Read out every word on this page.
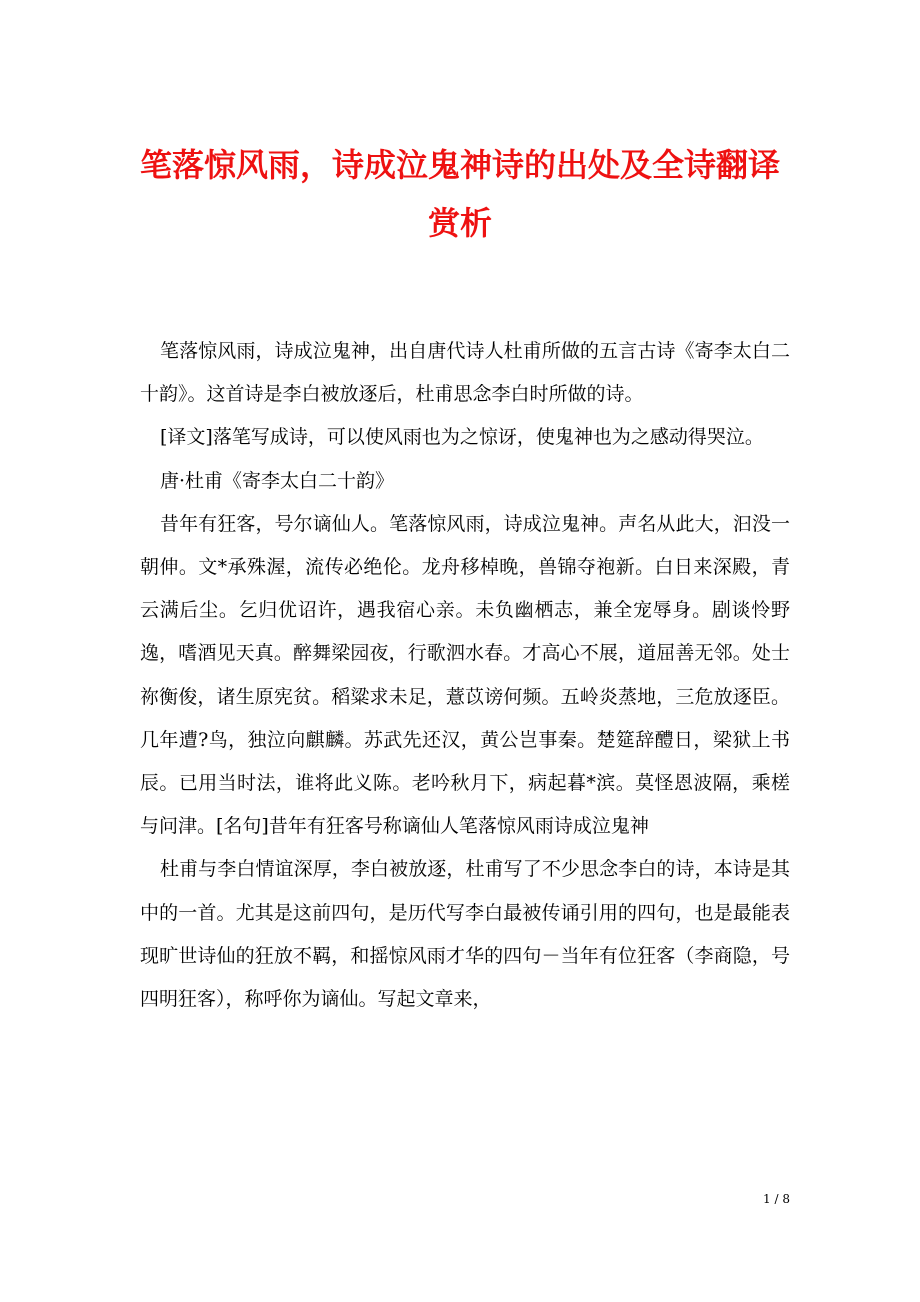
笔落惊风雨，诗成泣鬼神诗的出处及全诗翻译赏析

笔落惊风雨，诗成泣鬼神，出自唐代诗人杜甫所做的五言古诗《寄李太白二十韵》。这首诗是李白被放逐后，杜甫思念李白时所做的诗。

[译文]落笔写成诗，可以使风雨也为之惊讶，使鬼神也为之感动得哭泣。

唐·杜甫《寄李太白二十韵》

昔年有狂客，号尔谪仙人。笔落惊风雨，诗成泣鬼神。声名从此大，汩没一朝伸。文*承殊渥，流传必绝伦。龙舟移棹晚，兽锦夺袍新。白日来深殿，青云满后尘。乞归优诏许，遇我宿心亲。未负幽栖志，兼全宠辱身。剧谈怜野逸，嗜酒见天真。醉舞梁园夜，行歌泗水春。才高心不展，道屈善无邻。处士祢衡俊，诸生原宪贫。稻粱求未足，薏苡谤何频。五岭炎蒸地，三危放逐臣。几年遭?鸟，独泣向麒麟。苏武先还汉，黄公岂事秦。楚筵辞醴日，梁狱上书辰。已用当时法，谁将此义陈。老吟秋月下，病起暮*滨。莫怪恩波隔，乘槎与问津。[名句]昔年有狂客号称谪仙人笔落惊风雨诗成泣鬼神

杜甫与李白情谊深厚，李白被放逐，杜甫写了不少思念李白的诗，本诗是其中的一首。尤其是这前四句，是历代写李白最被传诵引用的四句，也是最能表现旷世诗仙的狂放不羁，和摇惊风雨才华的四句－当年有位狂客（李商隐，号四明狂客），称呼你为谪仙。写起文章来，

1 / 8
